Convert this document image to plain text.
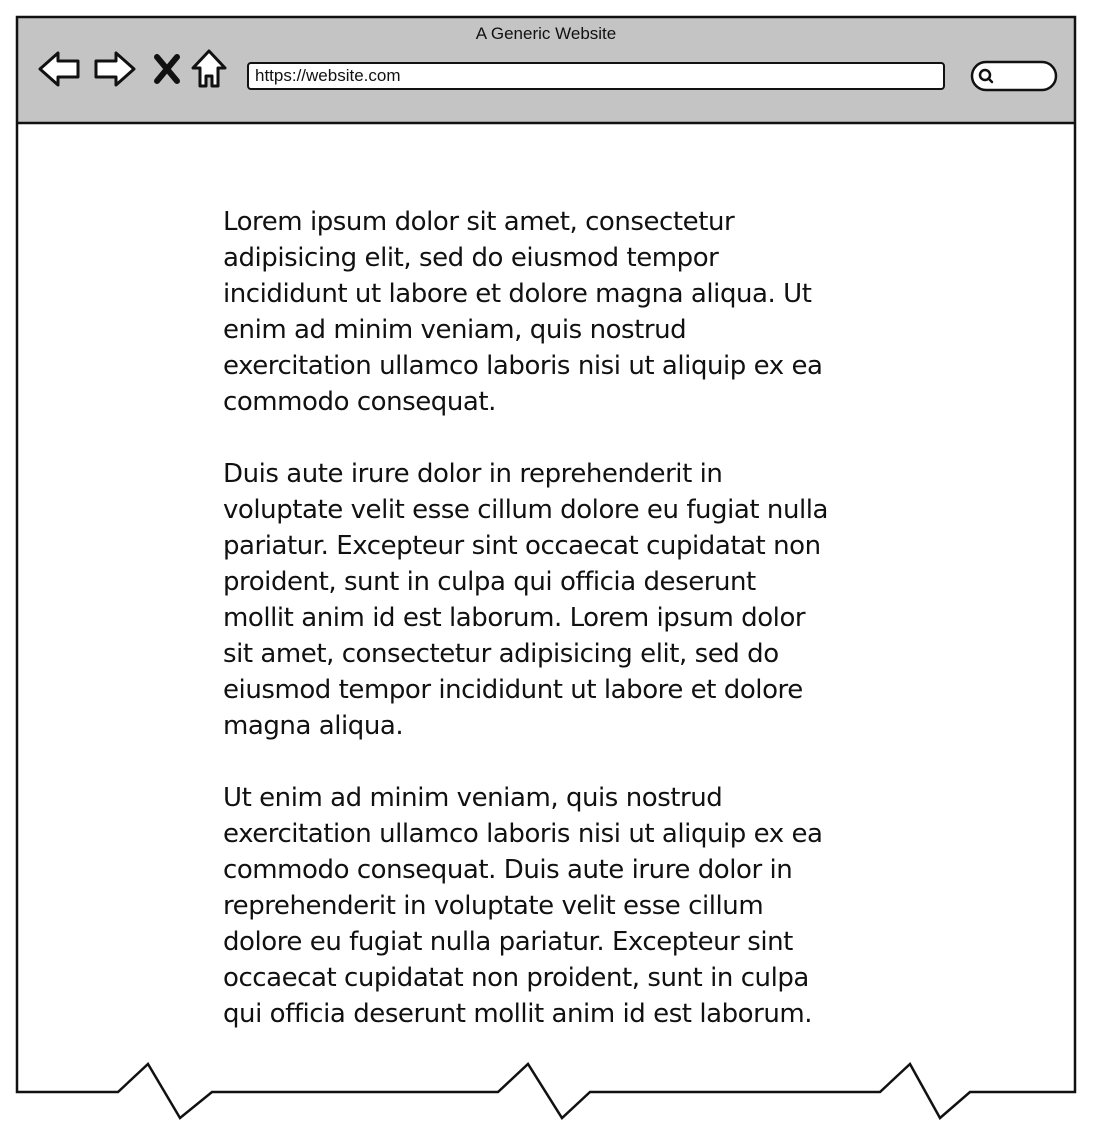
A Generic Website
https://website.com

Lorem ipsum dolor sit amet, consectetur
adipisicing elit, sed do eiusmod tempor
incididunt ut labore et dolore magna aliqua. Ut
enim ad minim veniam, quis nostrud
exercitation ullamco laboris nisi ut aliquip ex ea
commodo consequat.

Duis aute irure dolor in reprehenderit in
voluptate velit esse cillum dolore eu fugiat nulla
pariatur. Excepteur sint occaecat cupidatat non
proident, sunt in culpa qui officia deserunt
mollit anim id est laborum. Lorem ipsum dolor
sit amet, consectetur adipisicing elit, sed do
eiusmod tempor incididunt ut labore et dolore
magna aliqua.

Ut enim ad minim veniam, quis nostrud
exercitation ullamco laboris nisi ut aliquip ex ea
commodo consequat. Duis aute irure dolor in
reprehenderit in voluptate velit esse cillum
dolore eu fugiat nulla pariatur. Excepteur sint
occaecat cupidatat non proident, sunt in culpa
qui officia deserunt mollit anim id est laborum.
